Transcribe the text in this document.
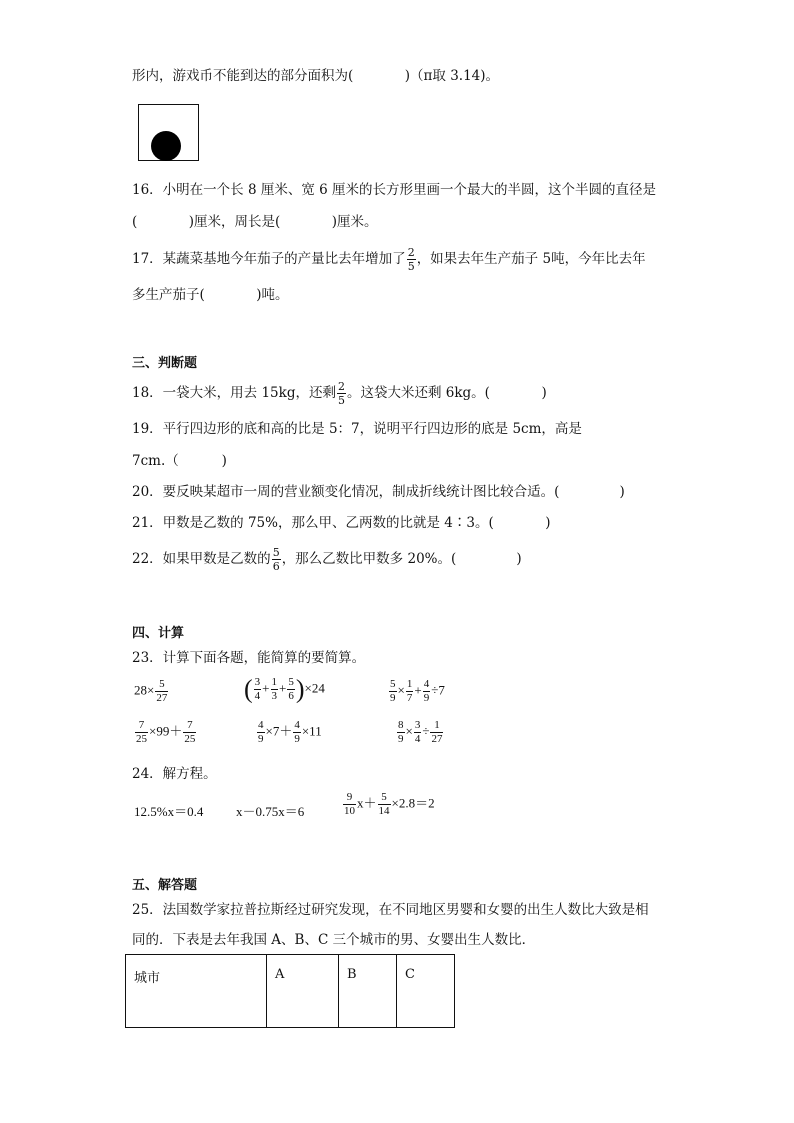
形内，游戏币不能到达的部分面积为(	)（π取 3.14)。
16．小明在一个长 8 厘米、宽 6 厘米的长方形里画一个最大的半圆，这个半圆的直径是
(            )厘米，周长是(            )厘米。
17．某蔬菜基地今年茄子的产量比去年增加了 $\frac{2}{5}$ ，如果去年生产茄子 5吨，今年比去年
多生产茄子(            )吨。
三、判断题
18．一袋大米，用去 15kg，还剩 $\frac{2}{5}$ 。这袋大米还剩 6kg。(            )
19．平行四边形的底和高的比是 5：7，说明平行四边形的底是 5cm，高是
7cm.（          )
20．要反映某超市一周的营业额变化情况，制成折线统计图比较合适。(              )
21．甲数是乙数的 75%，那么甲、乙两数的比就是 4∶3。(            )
22．如果甲数是乙数的 $\frac{5}{6}$ ，那么乙数比甲数多 20%。(              )
四、计算
23．计算下面各题，能简算的要简算。
$28\times \frac{5}{27}$	( $\frac{3}{4} + \frac{1}{3} + \frac{5}{6} )\times 24$	$\frac{5}{9} \times \frac{1}{7} + \frac{4}{9} \div 7$
$\frac{7}{25} \times 99+ \frac{7}{25}$	$\frac{4}{9} \times 7+ \frac{4}{9} \times 11$	$\frac{8}{9} \times \frac{3}{4} \div \frac{1}{27}$
24．解方程。
12.5%x＝0.4	x－0.75x＝6	$\frac{9}{10} x+ \frac{5}{14} \times 2.8=2$
五、解答题
25．法国数学家拉普拉斯经过研究发现，在不同地区男婴和女婴的出生人数比大致是相
同的．下表是去年我国 A、B、C 三个城市的男、女婴出生人数比．
城市	A	B	C
